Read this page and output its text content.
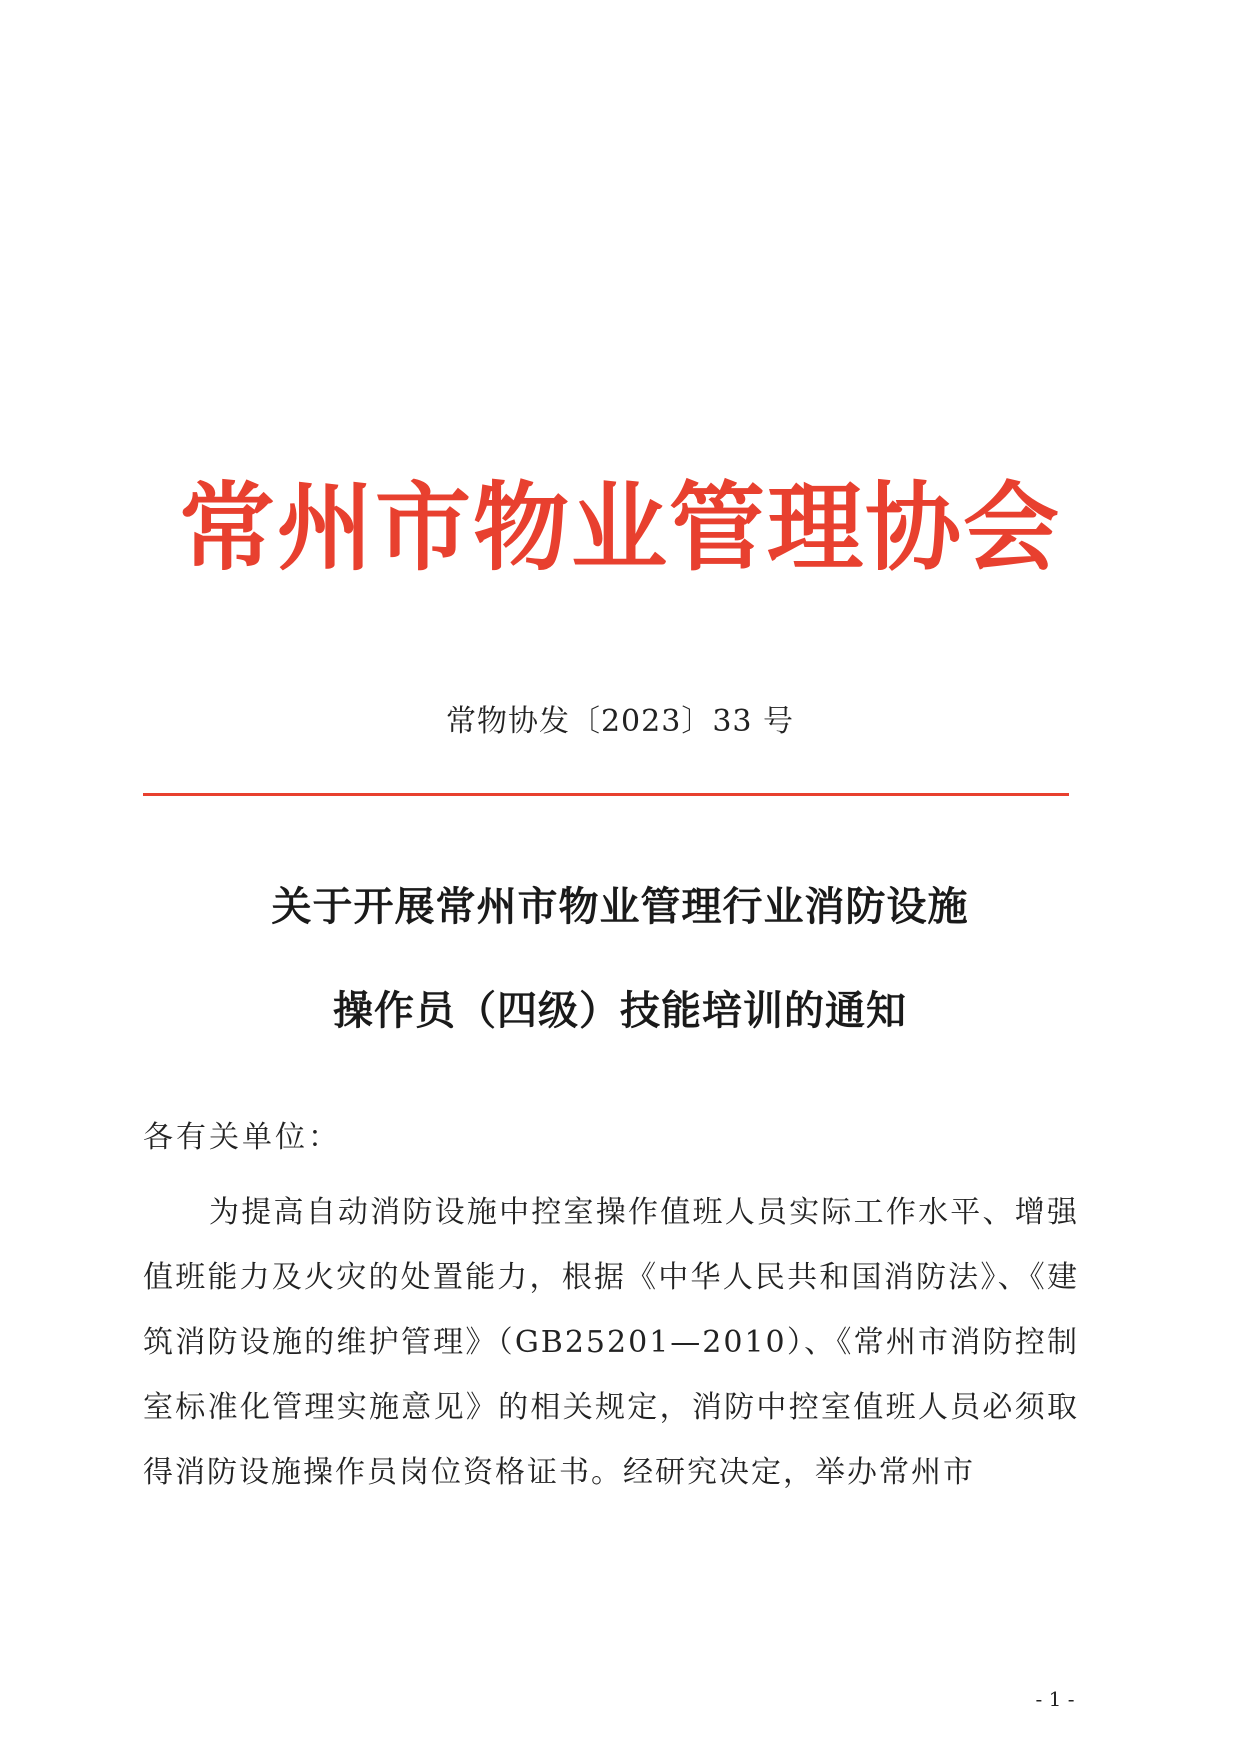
常州市物业管理协会
常物协发〔2023〕33 号
关于开展常州市物业管理行业消防设施
操作员（四级）技能培训的通知
各有关单位：

为提高自动消防设施中控室操作值班人员实际工作水平、增强值班能力及火灾的处置能力，根据《中华人民共和国消防法》、《建筑消防设施的维护管理》（GB25201—2010）、《常州市消防控制室标准化管理实施意见》的相关规定，消防中控室值班人员必须取得消防设施操作员岗位资格证书。经研究决定，举办常州市

- 1 -
